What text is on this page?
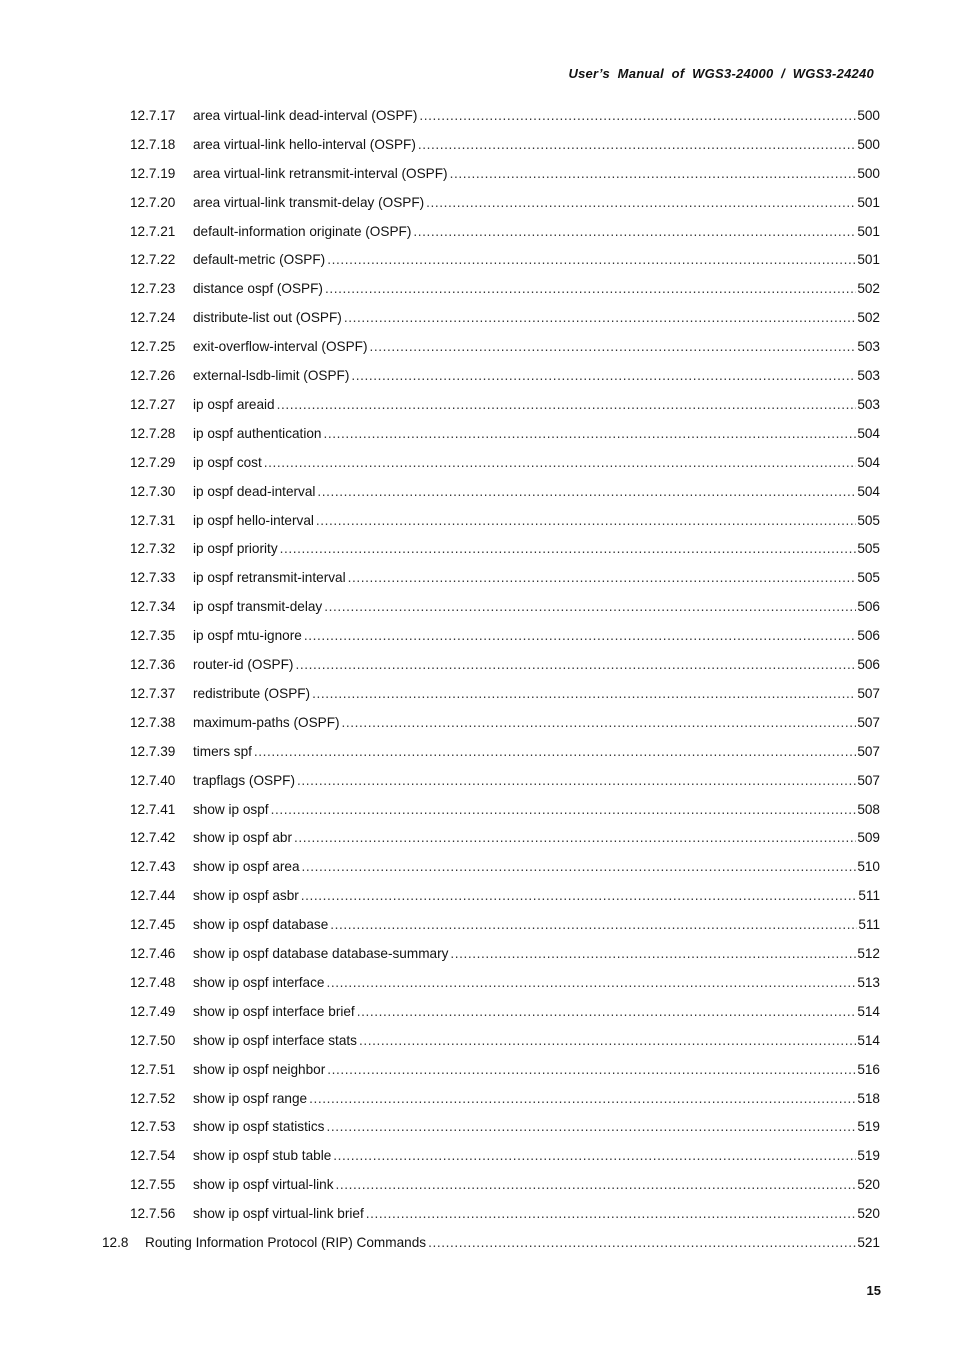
User’s  Manual  of  WGS3-24000  /  WGS3-24240
12.7.17	area virtual-link dead-interval (OSPF) .....	500
12.7.18	area virtual-link hello-interval (OSPF) .....	500
12.7.19	area virtual-link retransmit-interval (OSPF) .....	500
12.7.20	area virtual-link transmit-delay (OSPF) .....	501
12.7.21	default-information originate (OSPF) .....	501
12.7.22	default-metric (OSPF) .....	501
12.7.23	distance ospf (OSPF) .....	502
12.7.24	distribute-list out (OSPF) .....	502
12.7.25	exit-overflow-interval (OSPF) .....	503
12.7.26	external-lsdb-limit (OSPF) .....	503
12.7.27	ip ospf areaid .....	503
12.7.28	ip ospf authentication .....	504
12.7.29	ip ospf cost .....	504
12.7.30	ip ospf dead-interval .....	504
12.7.31	ip ospf hello-interval .....	505
12.7.32	ip ospf priority .....	505
12.7.33	ip ospf retransmit-interval .....	505
12.7.34	ip ospf transmit-delay .....	506
12.7.35	ip ospf mtu-ignore .....	506
12.7.36	router-id (OSPF) .....	506
12.7.37	redistribute (OSPF) .....	507
12.7.38	maximum-paths (OSPF) .....	507
12.7.39	timers spf .....	507
12.7.40	trapflags (OSPF) .....	507
12.7.41	show ip ospf .....	508
12.7.42	show ip ospf abr .....	509
12.7.43	show ip ospf area .....	510
12.7.44	show ip ospf asbr .....	511
12.7.45	show ip ospf database .....	511
12.7.46	show ip ospf database database-summary .....	512
12.7.48	show ip ospf interface .....	513
12.7.49	show ip ospf interface brief .....	514
12.7.50	show ip ospf interface stats .....	514
12.7.51	show ip ospf neighbor .....	516
12.7.52	show ip ospf range .....	518
12.7.53	show ip ospf statistics .....	519
12.7.54	show ip ospf stub table .....	519
12.7.55	show ip ospf virtual-link .....	520
12.7.56	show ip ospf virtual-link brief .....	520
12.8	Routing Information Protocol (RIP) Commands .....	521
15
